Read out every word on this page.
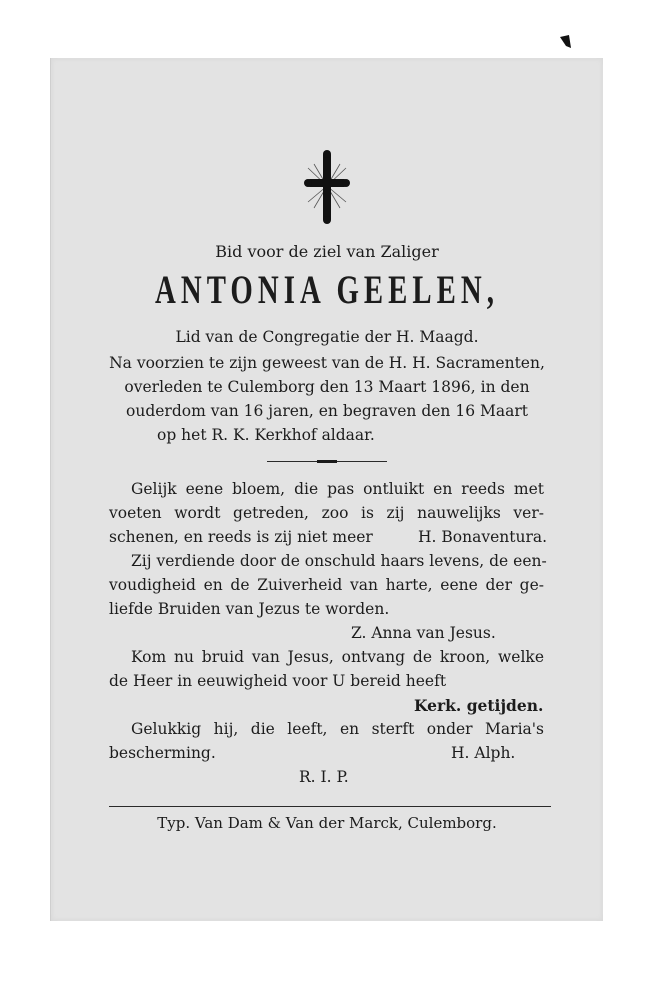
Bid voor de ziel van Zaliger
ANTONIA GEELEN,
Lid van de Congregatie der H. Maagd.
Na voorzien te zijn geweest van de H. H. Sacramenten,
overleden te Culemborg den 13 Maart 1896, in den
ouderdom van 16 jaren, en begraven den 16 Maart
op het R. K. Kerkhof aldaar.
Gelijk eene bloem, die pas ontluikt en reeds met
voeten wordt getreden, zoo is zij nauwelijks ver-
schenen, en reeds is zij niet meer	H. Bonaventura.
Zij verdiende door de onschuld haars levens, de een-
voudigheid en de Zuiverheid van harte, eene der ge-
liefde Bruiden van Jezus te worden.
Z. Anna van Jesus.
Kom nu bruid van Jesus, ontvang de kroon, welke
de Heer in eeuwigheid voor U bereid heeft
Kerk. getijden.
Gelukkig hij, die leeft, en sterft onder Maria's
bescherming.	H. Alph.
R. I. P.
Typ. Van Dam & Van der Marck, Culemborg.
